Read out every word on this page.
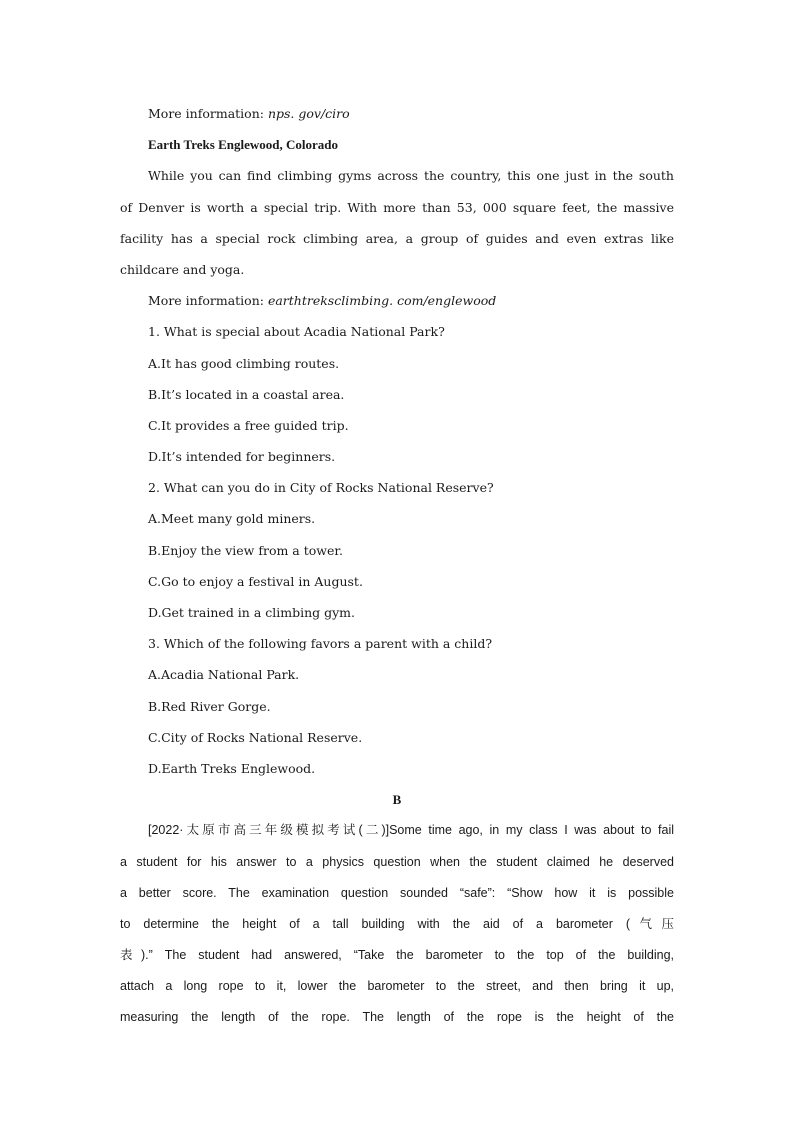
More information: nps. gov/ciro
Earth Treks Englewood, Colorado
While you can find climbing gyms across the country, this one just in the south
of Denver is worth a special trip. With more than 53, 000 square feet, the massive
facility has a special rock climbing area, a group of guides and even extras like
childcare and yoga.
More information: earthtreksclimbing. com/englewood
1. What is special about Acadia National Park?
A.It has good climbing routes.
B.It’s located in a coastal area.
C.It provides a free guided trip.
D.It’s intended for beginners.
2. What can you do in City of Rocks National Reserve?
A.Meet many gold miners.
B.Enjoy the view from a tower.
C.Go to enjoy a festival in August.
D.Get trained in a climbing gym.
3. Which of the following favors a parent with a child?
A.Acadia National Park.
B.Red River Gorge.
C.City of Rocks National Reserve.
D.Earth Treks Englewood.
B
[2022·太原市高三年级模拟考试(二)]Some time ago, in my class I was about to fail
a student for his answer to a physics question when the student claimed he deserved
a better score. The examination question sounded “safe”: “Show how it is possible
to determine the height of a tall building with the aid of a barometer (气压
表).” The student had answered, “Take the barometer to the top of the building,
attach a long rope to it, lower the barometer to the street, and then bring it up,
measuring the length of the rope. The length of the rope is the height of the
